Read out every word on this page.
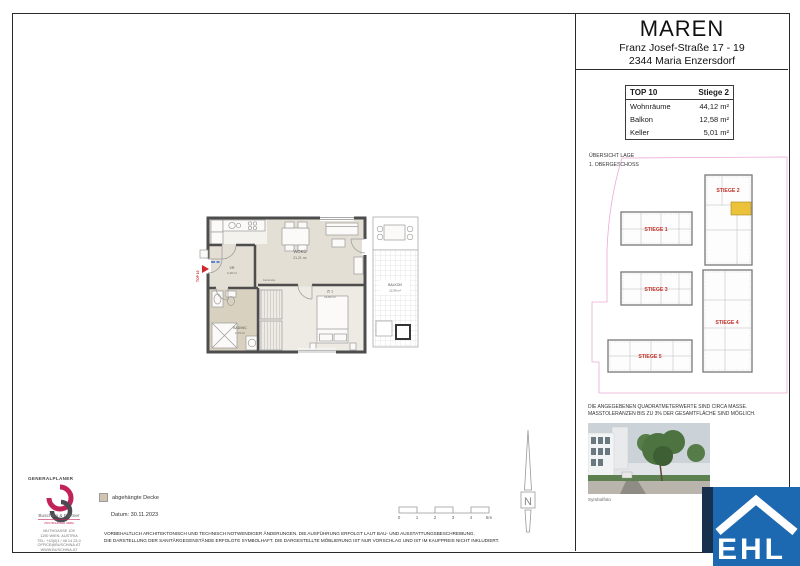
MAREN
Franz Josef-Straße 17 - 19
2344 Maria Enzersdorf
TOP 10	Stiege 2
Wohnräume	44,12 m²
Balkon	12,58 m²
Keller	5,01 m²
ÜBERSICHT LAGE
1. OBERGESCHOSS
STIEGE 2
STIEGE 1
STIEGE 3
STIEGE 4
STIEGE 5
WOKÜ
21,21 m²
VR
4,18 m²
Garderobe
BAD/WC
4,73 m²
ZI 1
14,82 m²
BALKON
12,58 m²
TOP 10
DIE ANGEGEBENEN QUADRATMETERWERTE SIND CIRCA MASSE.
MASSTOLERANZEN BIS ZU 3% DER GESAMTFLÄCHE SIND MÖGLICH.
Symbolfoto
N
0	1	2	3	4	5m
GENERALPLANER
Buschina & Partner
ZIVILTECHNIKER GMBH
MUTHGASSE 109
1190 WIEN, AUSTRIA
TEL: +43(0)1 / 48 14 23-0
OFFICE@BUSCHINA.AT
WWW.BUSCHINA.AT
abgehängte Decke
Datum: 30.11.2023
VORBEHALTLICH ARCHITEKTONISCH UND TECHNISCH NOTWENDIGER ÄNDERUNGEN. DIE AUSFÜHRUNG ERFOLGT LAUT BAU- UND AUSSTATTUNGSBESCHREIBUNG.
DIE DARSTELLUNG DER SANITÄRGEGENSTÄNDE ERFOLGTE SYMBOLHAFT. DIE DARGESTELLTE MÖBLIERUNG IST NUR VORSCHLAG UND IST IM KAUFPREIS NICHT INKLUDIERT.	EHL
